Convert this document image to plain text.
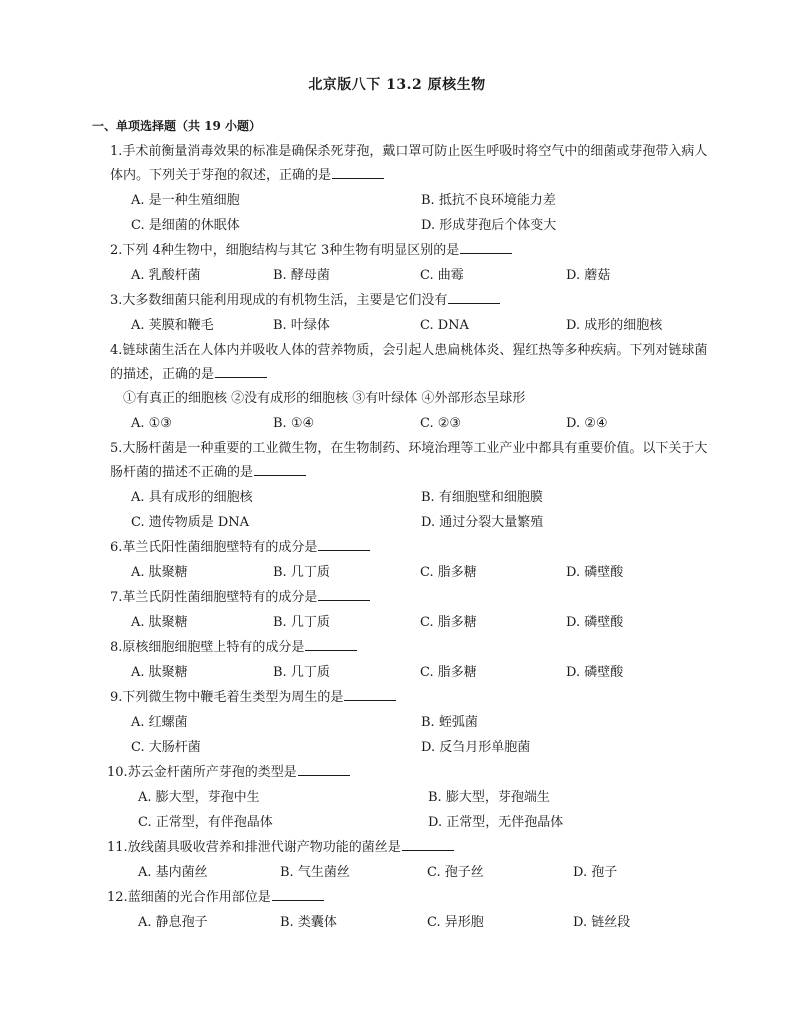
北京版八下 13.2 原核生物
一、单项选择题（共 19 小题）
1.手术前衡量消毒效果的标准是确保杀死芽孢，戴口罩可防止医生呼吸时将空气中的细菌或芽孢带入病人体内。下列关于芽孢的叙述，正确的是
A. 是一种生殖细胞	B. 抵抗不良环境能力差
C. 是细菌的休眠体	D. 形成芽孢后个体变大
2.下列 4种生物中，细胞结构与其它 3种生物有明显区别的是
A. 乳酸杆菌	B. 酵母菌	C. 曲霉	D. 蘑菇
3.大多数细菌只能利用现成的有机物生活，主要是它们没有
A. 荚膜和鞭毛	B. 叶绿体	C. DNA	D. 成形的细胞核
4.链球菌生活在人体内并吸收人体的营养物质，会引起人患扁桃体炎、猩红热等多种疾病。下列对链球菌的描述，正确的是
①有真正的细胞核 ②没有成形的细胞核 ③有叶绿体 ④外部形态呈球形
A. ①③	B. ①④	C. ②③	D. ②④
5.大肠杆菌是一种重要的工业微生物，在生物制药、环境治理等工业产业中都具有重要价值。以下关于大肠杆菌的描述不正确的是
A. 具有成形的细胞核	B. 有细胞壁和细胞膜
C. 遗传物质是 DNA	D. 通过分裂大量繁殖
6.革兰氏阳性菌细胞壁特有的成分是
A. 肽聚糖	B. 几丁质	C. 脂多糖	D. 磷壁酸
7.革兰氏阴性菌细胞壁特有的成分是
A. 肽聚糖	B. 几丁质	C. 脂多糖	D. 磷壁酸
8.原核细胞细胞壁上特有的成分是
A. 肽聚糖	B. 几丁质	C. 脂多糖	D. 磷壁酸
9.下列微生物中鞭毛着生类型为周生的是
A. 红螺菌	B. 蛭弧菌
C. 大肠杆菌	D. 反刍月形单胞菌
10.苏云金杆菌所产芽孢的类型是
A. 膨大型，芽孢中生	B. 膨大型，芽孢端生
C. 正常型，有伴孢晶体	D. 正常型，无伴孢晶体
11.放线菌具吸收营养和排泄代谢产物功能的菌丝是
A. 基内菌丝	B. 气生菌丝	C. 孢子丝	D. 孢子
12.蓝细菌的光合作用部位是
A. 静息孢子	B. 类囊体	C. 异形胞	D. 链丝段
